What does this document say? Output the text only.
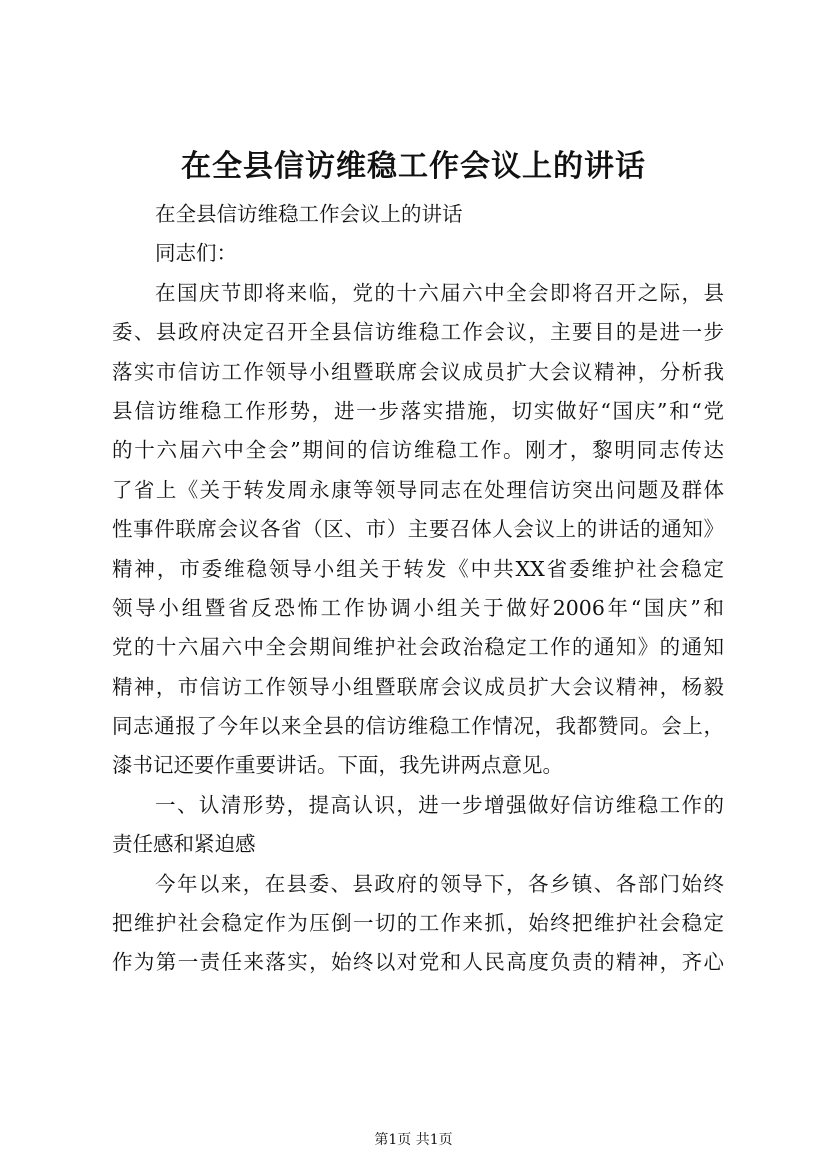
在全县信访维稳工作会议上的讲话
在全县信访维稳工作会议上的讲话
同志们：
在国庆节即将来临，党的十六届六中全会即将召开之际，县
委、县政府决定召开全县信访维稳工作会议，主要目的是进一步
落实市信访工作领导小组暨联席会议成员扩大会议精神，分析我
县信访维稳工作形势，进一步落实措施，切实做好“国庆”和“党
的十六届六中全会”期间的信访维稳工作。刚才，黎明同志传达
了省上《关于转发周永康等领导同志在处理信访突出问题及群体
性事件联席会议各省（区、市）主要召体人会议上的讲话的通知》
精神，市委维稳领导小组关于转发《中共XX省委维护社会稳定
领导小组暨省反恐怖工作协调小组关于做好2006年“国庆”和
党的十六届六中全会期间维护社会政治稳定工作的通知》的通知
精神，市信访工作领导小组暨联席会议成员扩大会议精神，杨毅
同志通报了今年以来全县的信访维稳工作情况，我都赞同。会上，
漆书记还要作重要讲话。下面，我先讲两点意见。
一、认清形势，提高认识，进一步增强做好信访维稳工作的
责任感和紧迫感
今年以来，在县委、县政府的领导下，各乡镇、各部门始终
把维护社会稳定作为压倒一切的工作来抓，始终把维护社会稳定
作为第一责任来落实，始终以对党和人民高度负责的精神，齐心
第1页 共1页
